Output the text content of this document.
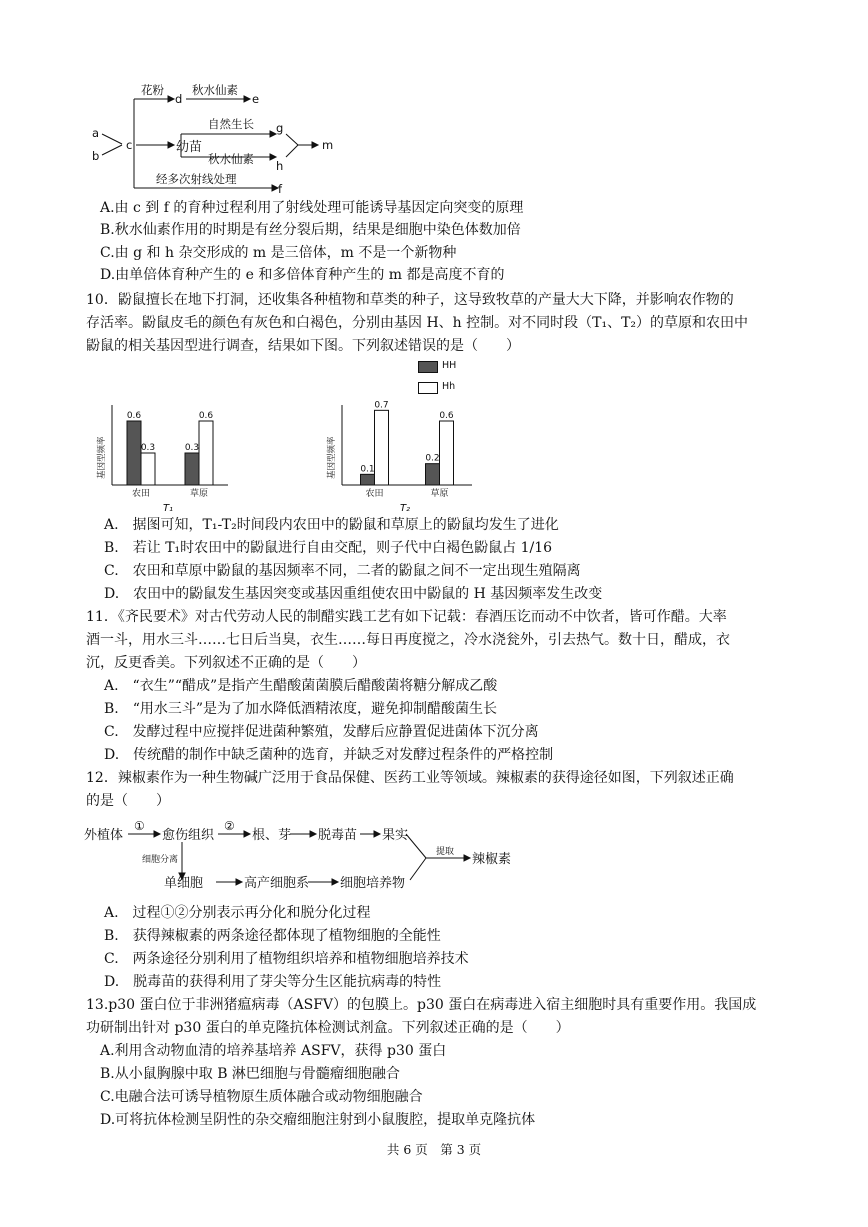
a
b
c
花粉
d
秋水仙素
e
幼苗
自然生长 g
秋水仙素 h
m
经多次射线处理
f
A.由 c 到 f 的育种过程利用了射线处理可能诱导基因定向突变的原理
B.秋水仙素作用的时期是有丝分裂后期，结果是细胞中染色体数加倍
C.由 g 和 h 杂交形成的 m 是三倍体，m 不是一个新物种
D.由单倍体育种产生的 e 和多倍体育种产生的 m 都是高度不育的
10．鼢鼠擅长在地下打洞，还收集各种植物和草类的种子，这导致牧草的产量大大下降，并影响农作物的
存活率。鼢鼠皮毛的颜色有灰色和白褐色，分别由基因 H、h 控制。对不同时段（T₁、T₂）的草原和农田中
鼢鼠的相关基因型进行调查，结果如下图。下列叙述错误的是（　　）
HH
Hh
基因型频率
0.6
0.3
农田
0.3
0.6
草原
T₁
基因型频率	0.1
0.7
农田
0.2
0.6
草原
T₂
A.　据图可知，T₁-T₂时间段内农田中的鼢鼠和草原上的鼢鼠均发生了进化
B.　若让 T₁时农田中的鼢鼠进行自由交配，则子代中白褐色鼢鼠占 1/16
C.　农田和草原中鼢鼠的基因频率不同，二者的鼢鼠之间不一定出现生殖隔离
D.　农田中的鼢鼠发生基因突变或基因重组使农田中鼢鼠的 H 基因频率发生改变
11．《齐民要术》对古代劳动人民的制醋实践工艺有如下记载：春酒压讫而动不中饮者，皆可作醋。大率
酒一斗，用水三斗……七日后当臭，衣生……每日再度搅之，冷水浇瓮外，引去热气。数十日，醋成，衣
沉，反更香美。下列叙述不正确的是（　　）
A.　“衣生”“醋成”是指产生醋酸菌菌膜后醋酸菌将糖分解成乙酸
B.　“用水三斗”是为了加水降低酒精浓度，避免抑制醋酸菌生长
C.　发酵过程中应搅拌促进菌种繁殖，发酵后应静置促进菌体下沉分离
D.　传统醋的制作中缺乏菌种的选育，并缺乏对发酵过程条件的严格控制
12．辣椒素作为一种生物碱广泛用于食品保健、医药工业等领域。辣椒素的获得途径如图，下列叙述正确
的是（　　）
外植体
①
愈伤组织
②
根、芽 脱毒苗 果实
细胞分离
单细胞	高产细胞系 细胞培养物
提取 辣椒素
A.　过程①②分别表示再分化和脱分化过程
B.　获得辣椒素的两条途径都体现了植物细胞的全能性
C.　两条途径分别利用了植物组织培养和植物细胞培养技术
D.　脱毒苗的获得利用了芽尖等分生区能抗病毒的特性
13.p30 蛋白位于非洲猪瘟病毒（ASFV）的包膜上。p30 蛋白在病毒进入宿主细胞时具有重要作用。我国成
功研制出针对 p30 蛋白的单克隆抗体检测试剂盒。下列叙述正确的是（　　）
A.利用含动物血清的培养基培养 ASFV，获得 p30 蛋白
B.从小鼠胸腺中取 B 淋巴细胞与骨髓瘤细胞融合
C.电融合法可诱导植物原生质体融合或动物细胞融合
D.可将抗体检测呈阴性的杂交瘤细胞注射到小鼠腹腔，提取单克隆抗体
共 6 页　第 3 页
